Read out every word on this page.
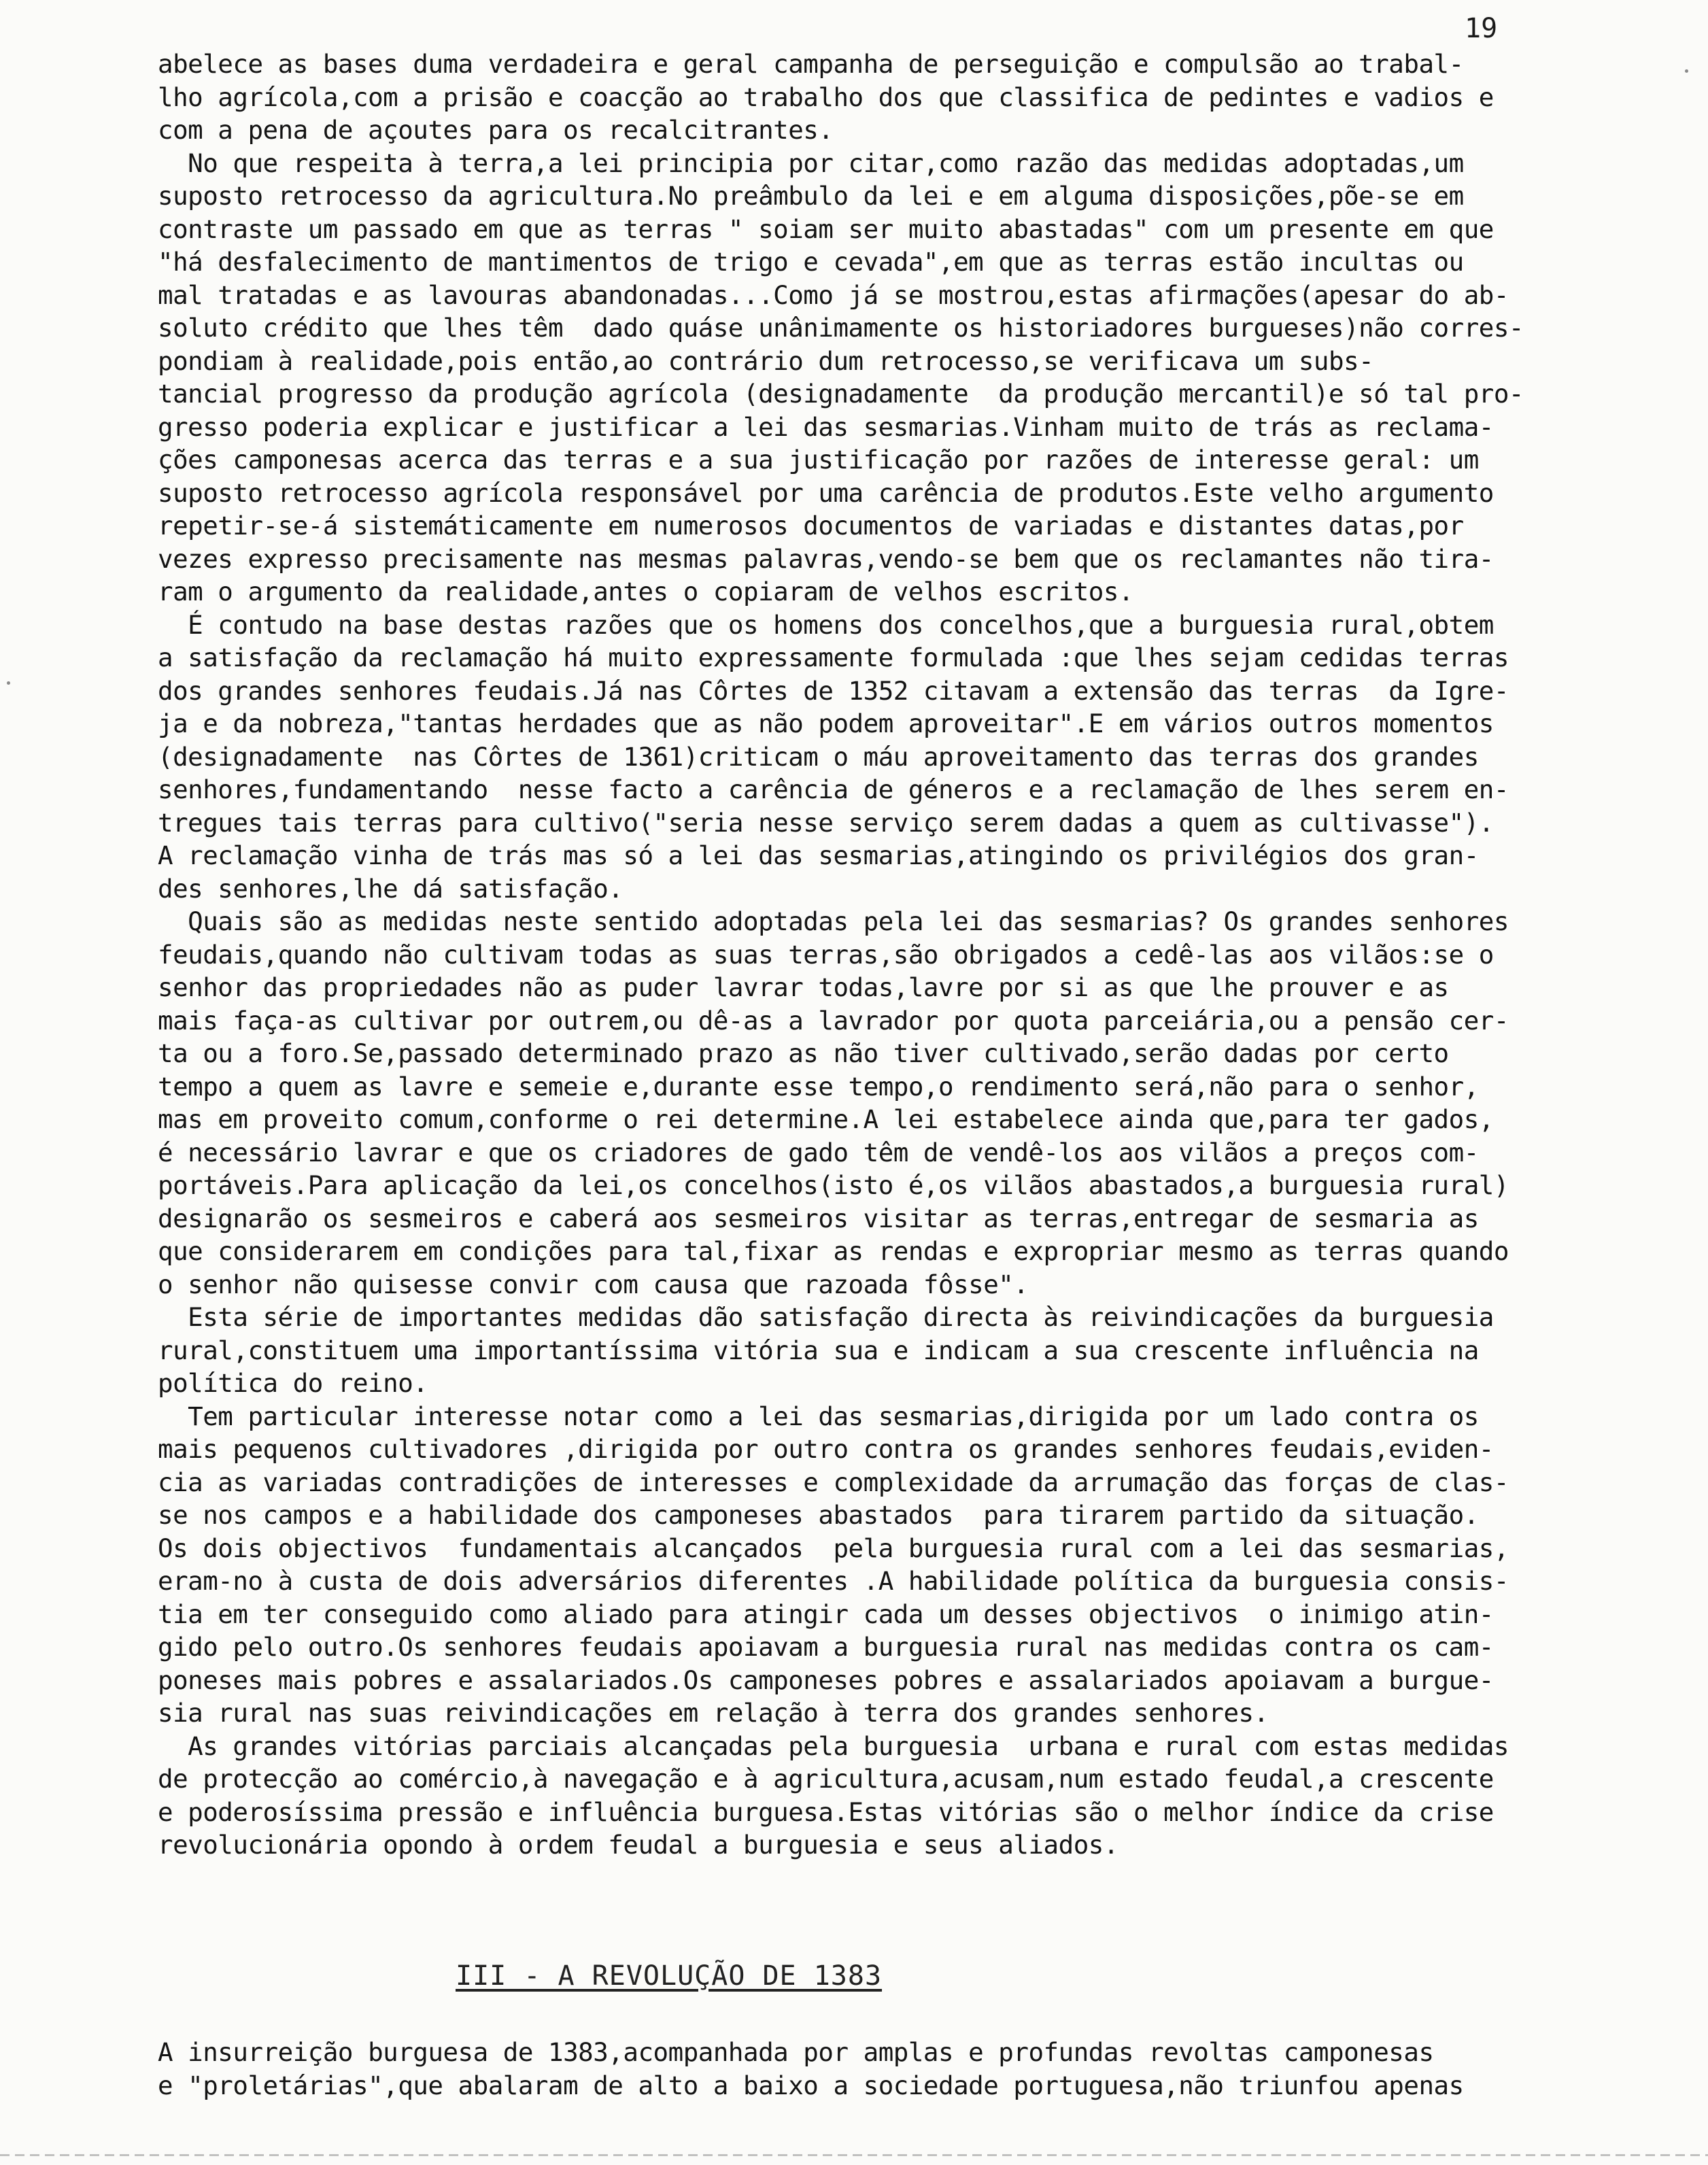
19
abelece as bases duma verdadeira e geral campanha de perseguição e compulsão ao trabal-
lho agrícola,com a prisão e coacção ao trabalho dos que classifica de pedintes e vadios e
com a pena de açoutes para os recalcitrantes.
No que respeita à terra,a lei principia por citar,como razão das medidas adoptadas,um
suposto retrocesso da agricultura.No preâmbulo da lei e em alguma disposições,põe-se em
contraste um passado em que as terras " soiam ser muito abastadas" com um presente em que
"há desfalecimento de mantimentos de trigo e cevada",em que as terras estão incultas ou
mal tratadas e as lavouras abandonadas...Como já se mostrou,estas afirmações(apesar do ab-
soluto crédito que lhes têm  dado quáse unânimamente os historiadores burgueses)não corres-
pondiam à realidade,pois então,ao contrário dum retrocesso,se verificava um subs-
tancial progresso da produção agrícola (designadamente  da produção mercantil)e só tal pro-
gresso poderia explicar e justificar a lei das sesmarias.Vinham muito de trás as reclama-
ções camponesas acerca das terras e a sua justificação por razões de interesse geral: um
suposto retrocesso agrícola responsável por uma carência de produtos.Este velho argumento
repetir-se-á sistemáticamente em numerosos documentos de variadas e distantes datas,por
vezes expresso precisamente nas mesmas palavras,vendo-se bem que os reclamantes não tira-
ram o argumento da realidade,antes o copiaram de velhos escritos.
É contudo na base destas razões que os homens dos concelhos,que a burguesia rural,obtem
a satisfação da reclamação há muito expressamente formulada :que lhes sejam cedidas terras
dos grandes senhores feudais.Já nas Côrtes de 1352 citavam a extensão das terras  da Igre-
ja e da nobreza,"tantas herdades que as não podem aproveitar".E em vários outros momentos
(designadamente  nas Côrtes de 1361)criticam o máu aproveitamento das terras dos grandes
senhores,fundamentando  nesse facto a carência de géneros e a reclamação de lhes serem en-
tregues tais terras para cultivo("seria nesse serviço serem dadas a quem as cultivasse").
A reclamação vinha de trás mas só a lei das sesmarias,atingindo os privilégios dos gran-
des senhores,lhe dá satisfação.
Quais são as medidas neste sentido adoptadas pela lei das sesmarias? Os grandes senhores
feudais,quando não cultivam todas as suas terras,são obrigados a cedê-las aos vilãos:se o
senhor das propriedades não as puder lavrar todas,lavre por si as que lhe prouver e as
mais faça-as cultivar por outrem,ou dê-as a lavrador por quota parceiária,ou a pensão cer-
ta ou a foro.Se,passado determinado prazo as não tiver cultivado,serão dadas por certo
tempo a quem as lavre e semeie e,durante esse tempo,o rendimento será,não para o senhor,
mas em proveito comum,conforme o rei determine.A lei estabelece ainda que,para ter gados,
é necessário lavrar e que os criadores de gado têm de vendê-los aos vilãos a preços com-
portáveis.Para aplicação da lei,os concelhos(isto é,os vilãos abastados,a burguesia rural)
designarão os sesmeiros e caberá aos sesmeiros visitar as terras,entregar de sesmaria as
que considerarem em condições para tal,fixar as rendas e expropriar mesmo as terras quando
o senhor não quisesse convir com causa que razoada fôsse".
Esta série de importantes medidas dão satisfação directa às reivindicações da burguesia
rural,constituem uma importantíssima vitória sua e indicam a sua crescente influência na
política do reino.
Tem particular interesse notar como a lei das sesmarias,dirigida por um lado contra os
mais pequenos cultivadores ,dirigida por outro contra os grandes senhores feudais,eviden-
cia as variadas contradições de interesses e complexidade da arrumação das forças de clas-
se nos campos e a habilidade dos camponeses abastados  para tirarem partido da situação.
Os dois objectivos  fundamentais alcançados  pela burguesia rural com a lei das sesmarias,
eram-no à custa de dois adversários diferentes .A habilidade política da burguesia consis-
tia em ter conseguido como aliado para atingir cada um desses objectivos  o inimigo atin-
gido pelo outro.Os senhores feudais apoiavam a burguesia rural nas medidas contra os cam-
poneses mais pobres e assalariados.Os camponeses pobres e assalariados apoiavam a burgue-
sia rural nas suas reivindicações em relação à terra dos grandes senhores.
As grandes vitórias parciais alcançadas pela burguesia  urbana e rural com estas medidas
de protecção ao comércio,à navegação e à agricultura,acusam,num estado feudal,a crescente
e poderosíssima pressão e influência burguesa.Estas vitórias são o melhor índice da crise
revolucionária opondo à ordem feudal a burguesia e seus aliados.
III - A REVOLUÇÃO DE 1383
A insurreição burguesa de 1383,acompanhada por amplas e profundas revoltas camponesas
e "proletárias",que abalaram de alto a baixo a sociedade portuguesa,não triunfou apenas
